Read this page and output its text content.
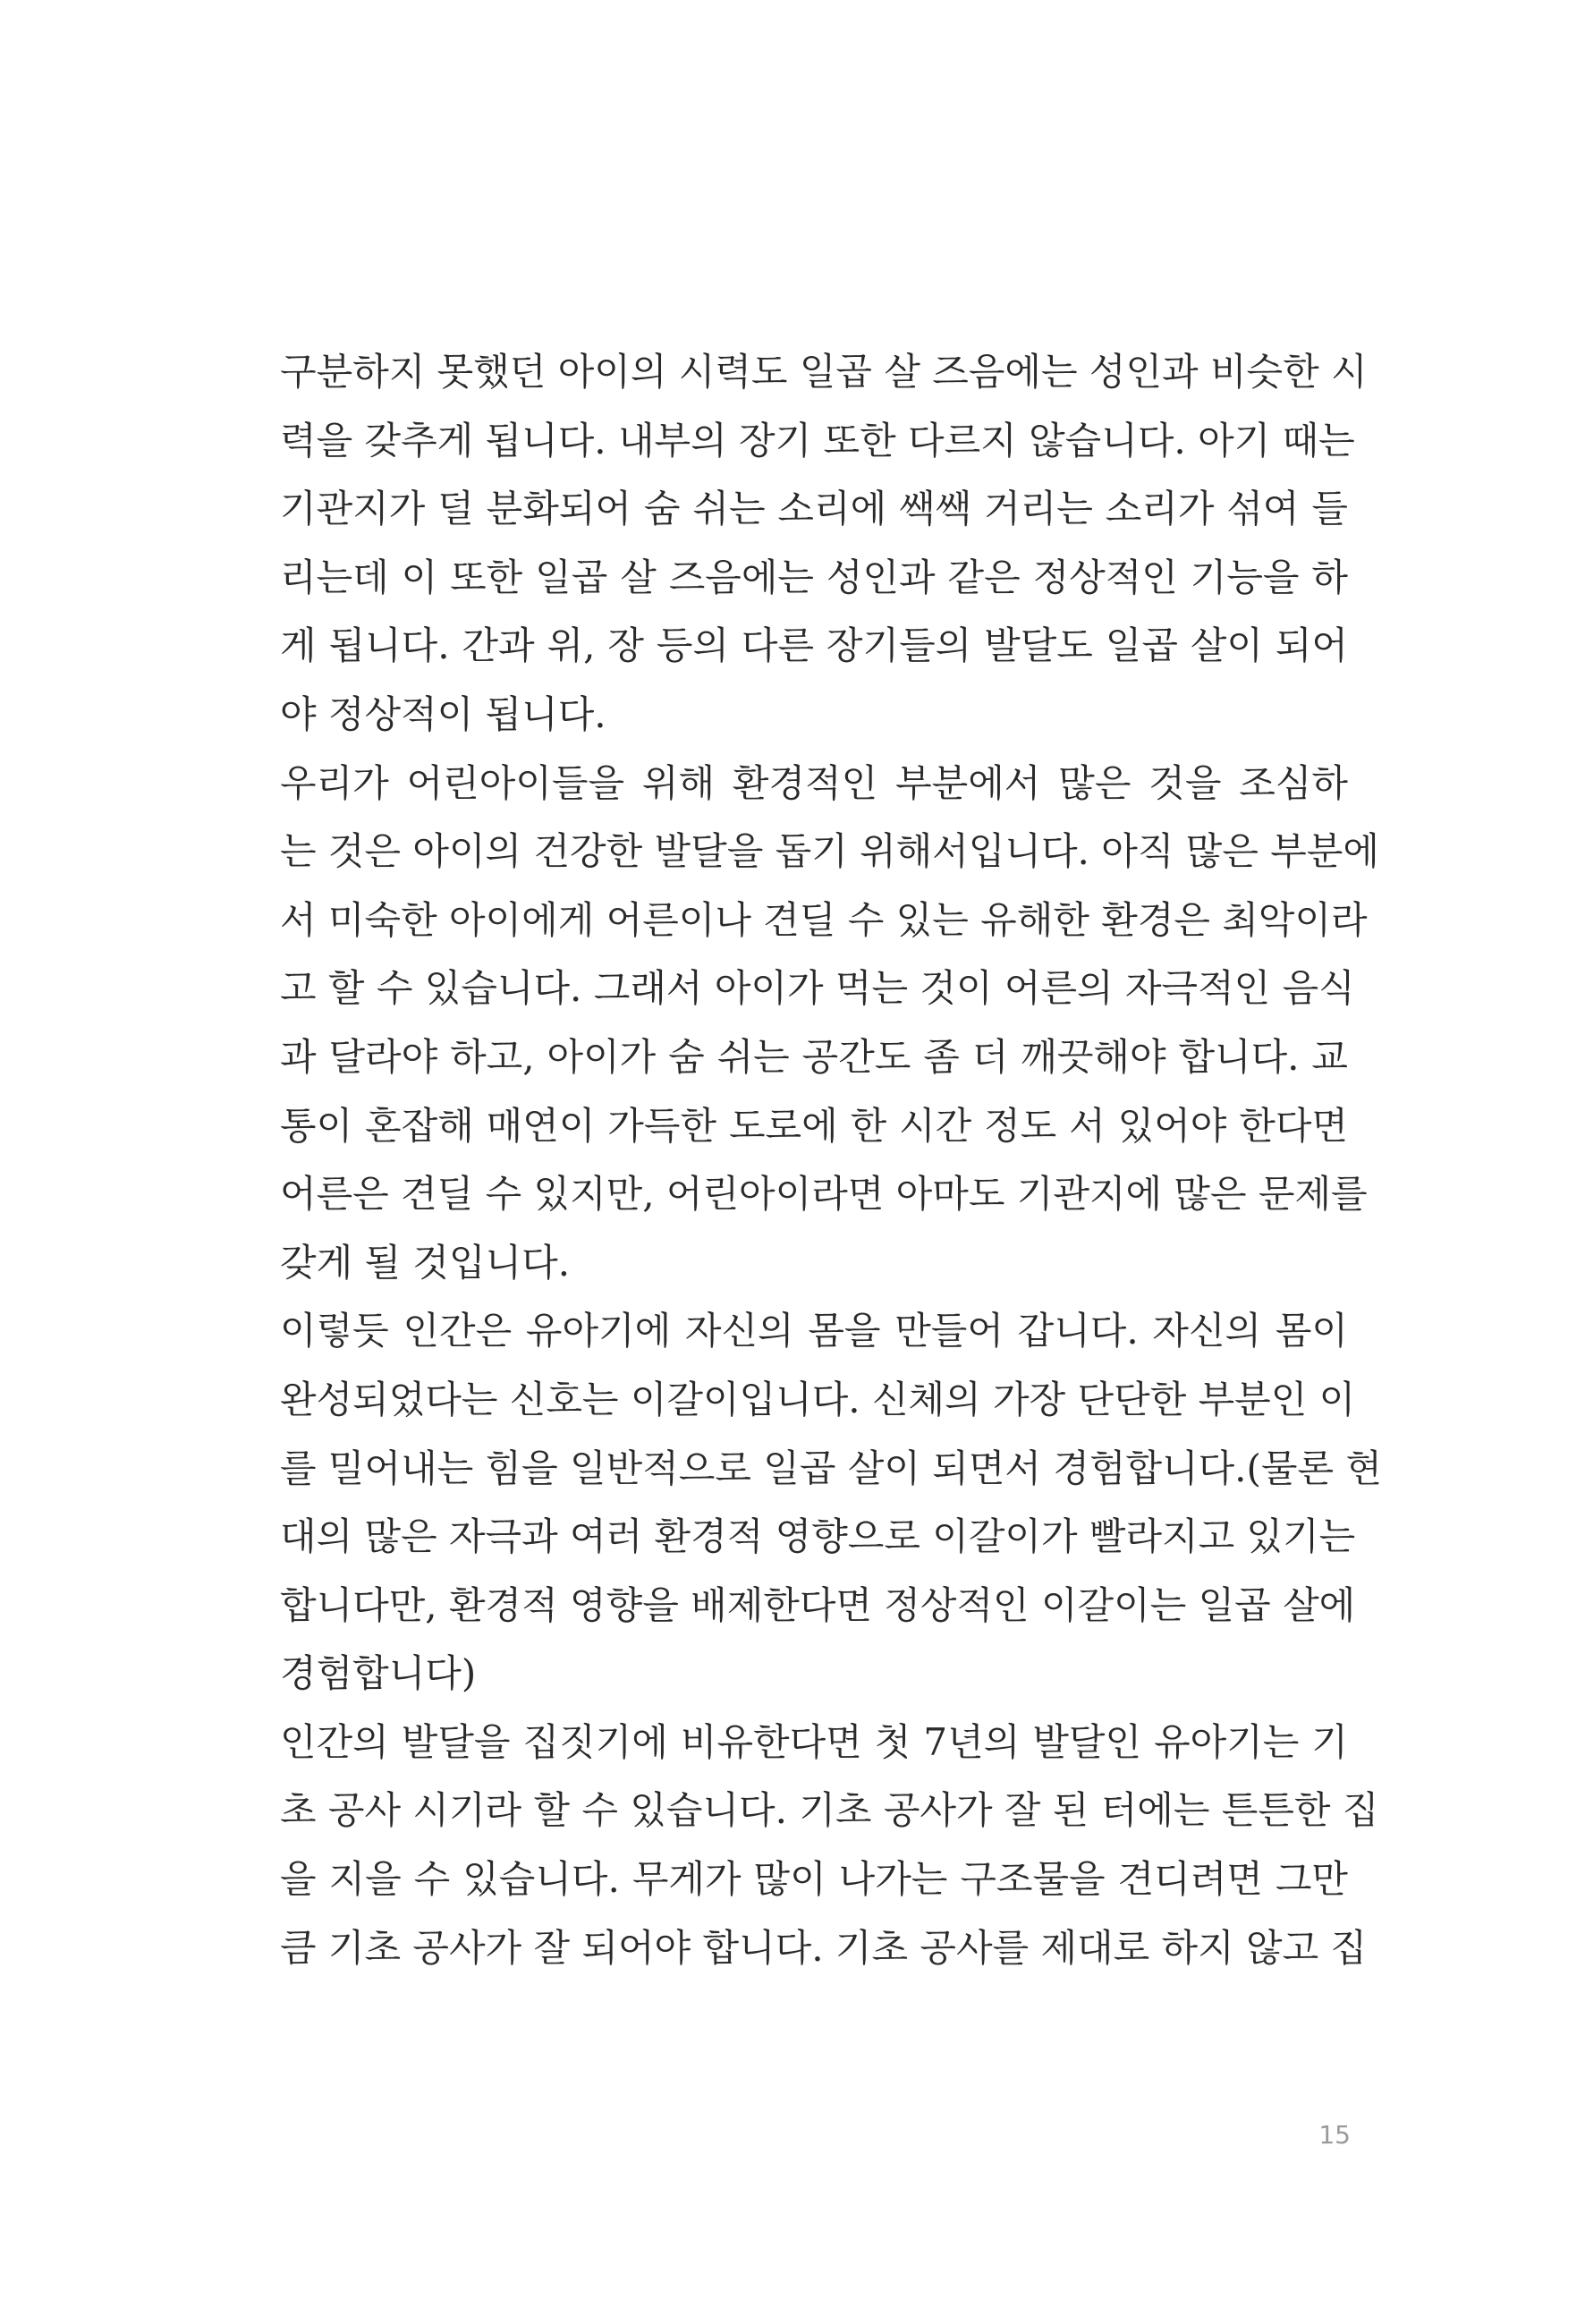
구분하지 못했던 아이의 시력도 일곱 살 즈음에는 성인과 비슷한 시
력을 갖추게 됩니다. 내부의 장기 또한 다르지 않습니다. 아기 때는
기관지가 덜 분화되어 숨 쉬는 소리에 쌕쌕 거리는 소리가 섞여 들
리는데 이 또한 일곱 살 즈음에는 성인과 같은 정상적인 기능을 하
게 됩니다. 간과 위, 장 등의 다른 장기들의 발달도 일곱 살이 되어
야 정상적이 됩니다.
우리가 어린아이들을 위해 환경적인 부분에서 많은 것을 조심하
는 것은 아이의 건강한 발달을 돕기 위해서입니다. 아직 많은 부분에
서 미숙한 아이에게 어른이나 견딜 수 있는 유해한 환경은 최악이라
고 할 수 있습니다. 그래서 아이가 먹는 것이 어른의 자극적인 음식
과 달라야 하고, 아이가 숨 쉬는 공간도 좀 더 깨끗해야 합니다. 교
통이 혼잡해 매연이 가득한 도로에 한 시간 정도 서 있어야 한다면
어른은 견딜 수 있지만, 어린아이라면 아마도 기관지에 많은 문제를
갖게 될 것입니다.
이렇듯 인간은 유아기에 자신의 몸을 만들어 갑니다. 자신의 몸이
완성되었다는 신호는 이갈이입니다. 신체의 가장 단단한 부분인 이
를 밀어내는 힘을 일반적으로 일곱 살이 되면서 경험합니다.(물론 현
대의 많은 자극과 여러 환경적 영향으로 이갈이가 빨라지고 있기는
합니다만, 환경적 영향을 배제한다면 정상적인 이갈이는 일곱 살에
경험합니다)
인간의 발달을 집짓기에 비유한다면 첫 7년의 발달인 유아기는 기
초 공사 시기라 할 수 있습니다. 기초 공사가 잘 된 터에는 튼튼한 집
을 지을 수 있습니다. 무게가 많이 나가는 구조물을 견디려면 그만
큼 기초 공사가 잘 되어야 합니다. 기초 공사를 제대로 하지 않고 집
15
